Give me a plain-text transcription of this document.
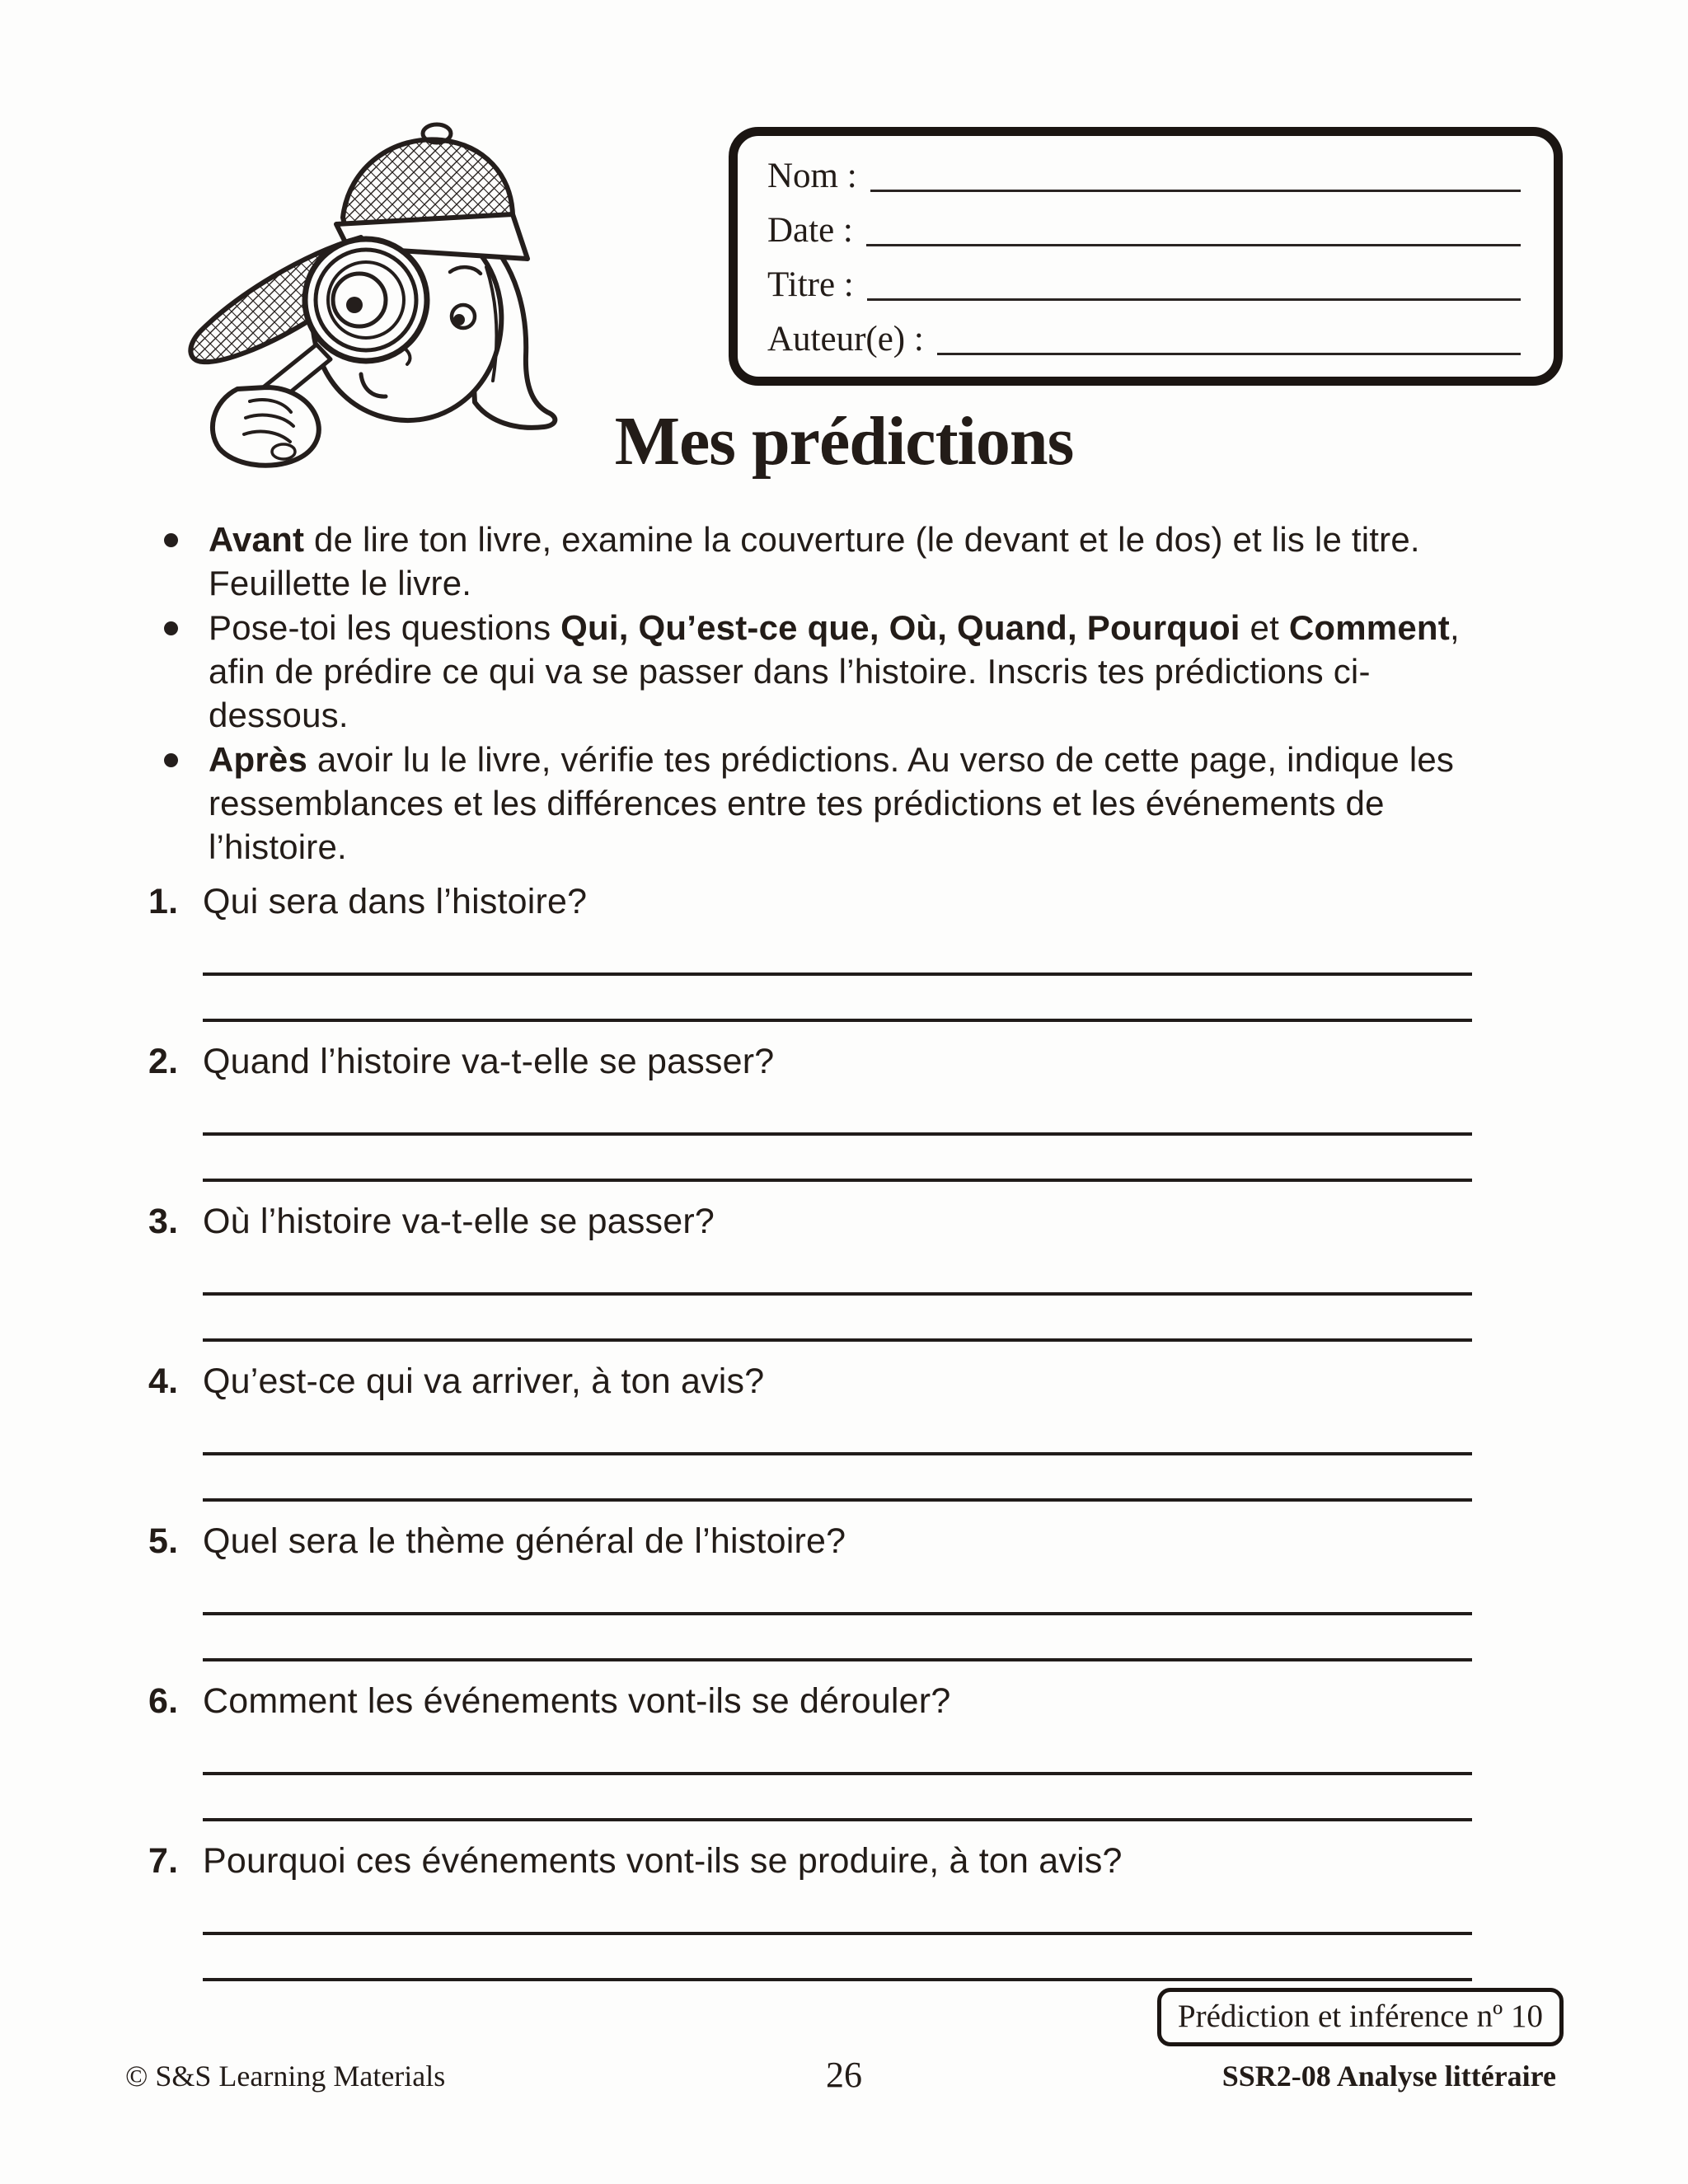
Nom :
Date :
Titre :
Auteur(e) :
Mes prédictions
Avant de lire ton livre, examine la couverture (le devant et le dos) et lis le titre. Feuillette le livre.
Pose-toi les questions Qui, Qu’est-ce que, Où, Quand, Pourquoi et Comment, afin de prédire ce qui va se passer dans l’histoire. Inscris tes prédictions ci-dessous.
Après avoir lu le livre, vérifie tes prédictions. Au verso de cette page, indique les ressemblances et les différences entre tes prédictions et les événements de l’histoire.
1. Qui sera dans l’histoire?
2. Quand l’histoire va-t-elle se passer?
3. Où l’histoire va-t-elle se passer?
4. Qu’est-ce qui va arriver, à ton avis?
5. Quel sera le thème général de l’histoire?
6. Comment les événements vont-ils se dérouler?
7. Pourquoi ces événements vont-ils se produire, à ton avis?
Prédiction et inférence nº 10
© S&S Learning Materials	26	SSR2-08 Analyse littéraire
